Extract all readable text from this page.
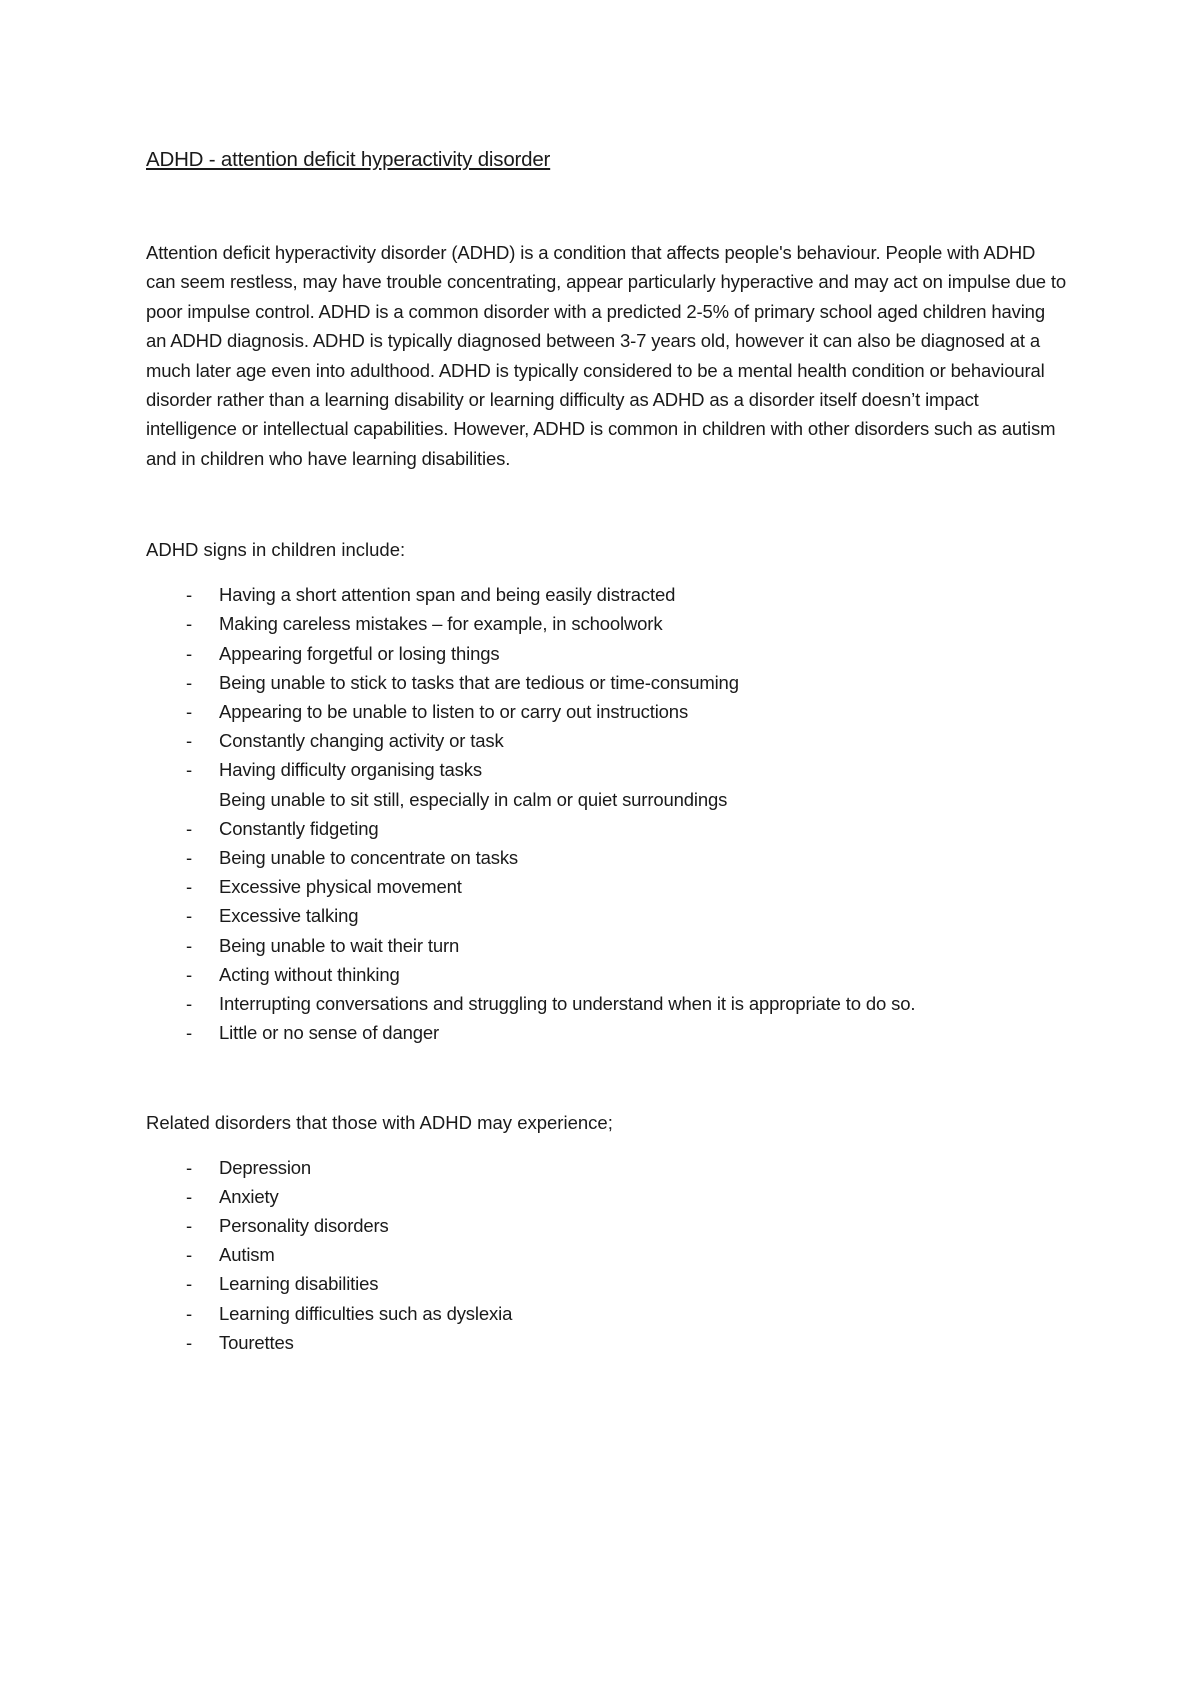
ADHD - attention deficit hyperactivity disorder

Attention deficit hyperactivity disorder (ADHD) is a condition that affects people's behaviour. People with ADHD can seem restless, may have trouble concentrating, appear particularly hyperactive and may act on impulse due to poor impulse control. ADHD is a common disorder with a predicted 2-5% of primary school aged children having an ADHD diagnosis. ADHD is typically diagnosed between 3-7 years old, however it can also be diagnosed at a much later age even into adulthood. ADHD is typically considered to be a mental health condition or behavioural disorder rather than a learning disability or learning difficulty as ADHD as a disorder itself doesn’t impact intelligence or intellectual capabilities. However, ADHD is common in children with other disorders such as autism and in children who have learning disabilities.

ADHD signs in children include:

- Having a short attention span and being easily distracted
- Making careless mistakes – for example, in schoolwork
- Appearing forgetful or losing things
- Being unable to stick to tasks that are tedious or time-consuming
- Appearing to be unable to listen to or carry out instructions
- Constantly changing activity or task
- Having difficulty organising tasks
Being unable to sit still, especially in calm or quiet surroundings
- Constantly fidgeting
- Being unable to concentrate on tasks
- Excessive physical movement
- Excessive talking
- Being unable to wait their turn
- Acting without thinking
- Interrupting conversations and struggling to understand when it is appropriate to do so.
- Little or no sense of danger

Related disorders that those with ADHD may experience;

- Depression
- Anxiety
- Personality disorders
- Autism
- Learning disabilities
- Learning difficulties such as dyslexia
- Tourettes
